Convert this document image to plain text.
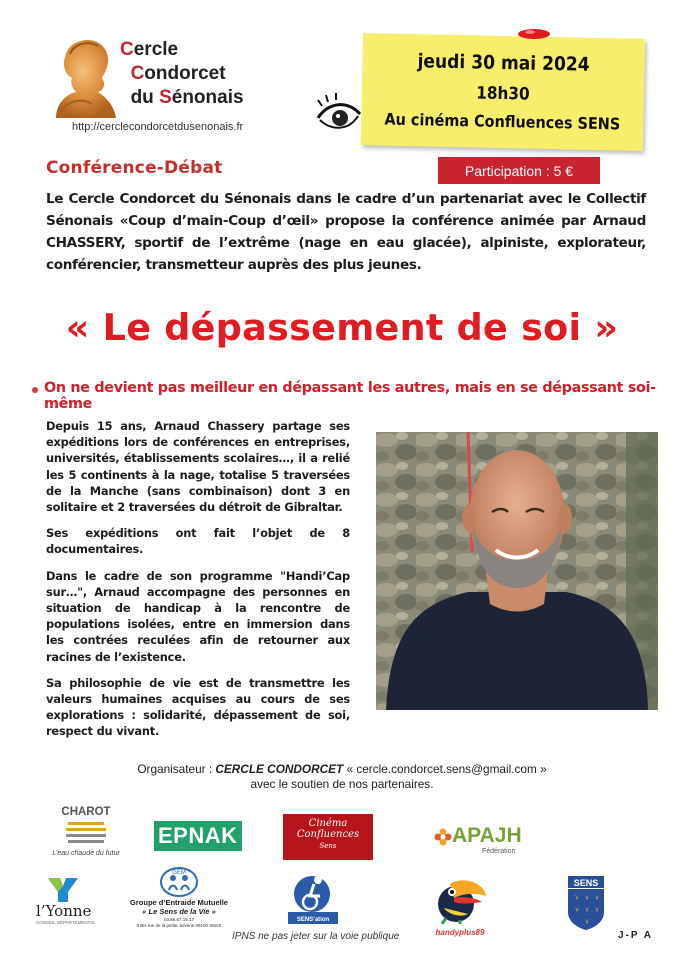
Cercle
Condorcet
du Sénonais
http://cerclecondorcetdusenonais.fr
jeudi 30 mai 2024
18h30
Au cinéma Confluences SENS
Conférence-Débat	Participation : 5 €
Le Cercle Condorcet du Sénonais dans le cadre d’un partenariat avec le Collectif Sénonais «Coup d’main-Coup d’œil» propose la conférence animée par Arnaud CHASSERY, sportif de l’extrême (nage en eau glacée), alpiniste, explorateur, conférencier, transmetteur auprès des plus jeunes.
« Le dépassement de soi »
On ne devient pas meilleur en dépassant les autres, mais en se dépassant soi-même

Depuis 15 ans, Arnaud Chassery partage ses expéditions lors de conférences en entreprises, universités, établissements scolaires…, il a relié les 5 continents à la nage, totalise 5 traversées de la Manche (sans combinaison) dont 3 en solitaire et 2 traversées du détroit de Gibraltar.

Ses expéditions ont fait l’objet de 8 documentaires.

Dans le cadre de son programme "Handi’Cap sur…", Arnaud accompagne des personnes en situation de handicap à la rencontre de populations isolées, entre en immersion dans les contrées reculées afin de retourner aux racines de l’existence.

Sa philosophie de vie est de transmettre les valeurs humaines acquises au cours de ses explorations : solidarité, dépassement de soi, respect du vivant.

Organisateur : CERCLE CONDORCET « cercle.condorcet.sens@gmail.com »
avec le soutien de nos partenaires.
CHAROT
L’eau chaude du futur
EPNAK	Cinéma
Confluences
Sens	APAJH
Fédération
l’Yonne
CONSEIL DÉPARTEMENTAL
GEM
Groupe d’Entraide Mutuelle
« Le Sens de la Vie »
03.86.67.18.17
8 Bis rue de la petite Juiverie 89100 SENS
SENS’ation
handyplus89
SENS
IPNS ne pas jeter sur la voie publique	J-P A
